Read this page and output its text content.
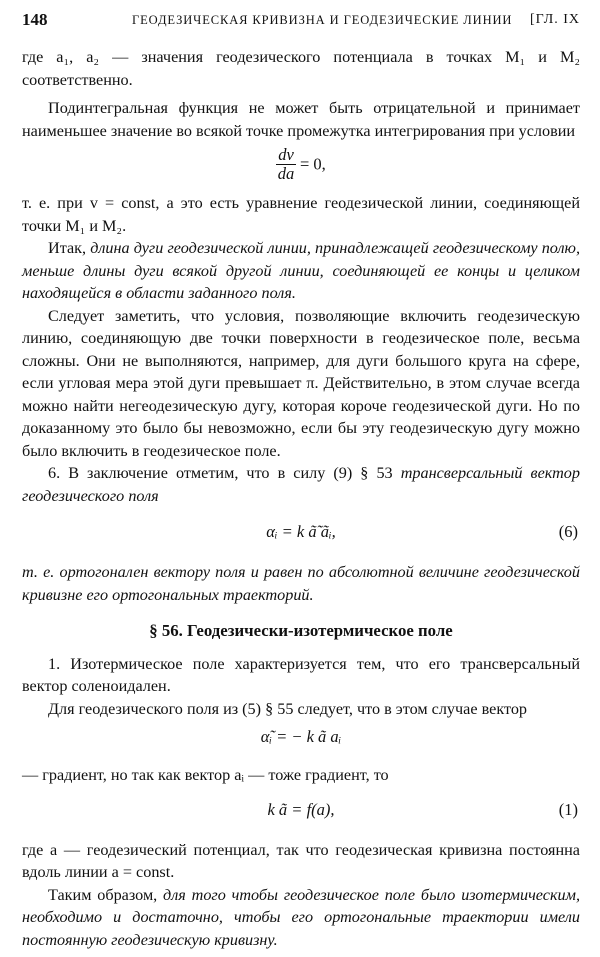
148	ГЕОДЕЗИЧЕСКАЯ КРИВИЗНА И ГЕОДЕЗИЧЕСКИЕ ЛИНИИ [ГЛ. IX

где a₁, a₂ — значения геодезического потенциала в точках M₁ и M₂ соответственно.

Подинтегральная функция не может быть отрицательной и принимает наименьшее значение во всякой точке промежутка интегрирования при условии

$\frac{dv}{da} = 0$,

т. е. при v = const, а это есть уравнение геодезической линии, соединяющей точки M₁ и M₂.

Итак, длина дуги геодезической линии, принадлежащей геодезическому полю, меньше длины дуги всякой другой линии, соединяющей ее концы и целиком находящейся в области заданного поля.

Следует заметить, что условия, позволяющие включить геодезическую линию, соединяющую две точки поверхности в геодезическое поле, весьма сложны. Они не выполняются, например, для дуги большого круга на сфере, если угловая мера этой дуги превышает π. Действительно, в этом случае всегда можно найти негеодезическую дугу, которая короче геодезической дуги. Но по доказанному это было бы невозможно, если бы эту геодезическую дугу можно было включить в геодезическое поле.

6. В заключение отметим, что в силу (9) § 53 трансверсальный вектор геодезического поля

αᵢ = k ã̃ ãᵢ,	(6)

т. е. ортогонален вектору поля и равен по абсолютной величине геодезической кривизне его ортогональных траекторий.

§ 56. Геодезически-изотермическое поле

1. Изотермическое поле характеризуется тем, что его трансверсальный вектор соленоидален.

Для геодезического поля из (5) § 55 следует, что в этом случае вектор

α̃ᵢ = − k ã aᵢ

— градиент, но так как вектор aᵢ — тоже градиент, то

k ã = f(a),	(1)

где a — геодезический потенциал, так что геодезическая кривизна постоянна вдоль линии a = const.

Таким образом, для того чтобы геодезическое поле было изотермическим, необходимо и достаточно, чтобы его ортогональные траектории имели постоянную геодезическую кривизну.
